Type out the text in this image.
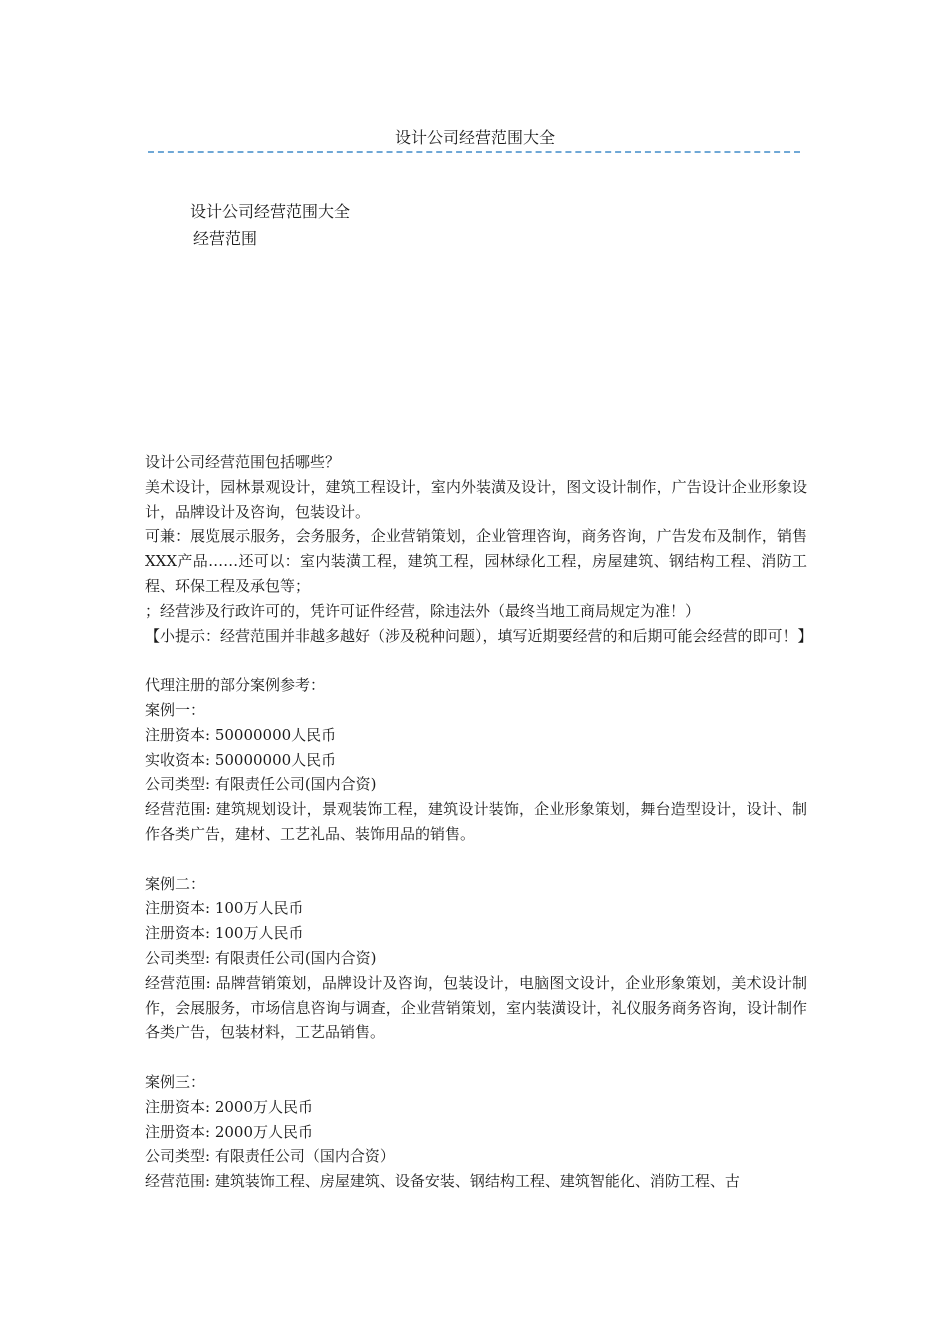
设计公司经营范围大全
设计公司经营范围大全
经营范围

设计公司经营范围包括哪些？

美术设计，园林景观设计，建筑工程设计，室内外装潢及设计，图文设计制作，广告设计企业形象设计，品牌设计及咨询，包装设计。

可兼：展览展示服务，会务服务，企业营销策划，企业管理咨询，商务咨询，广告发布及制作，销售XXX产品……还可以：室内装潢工程，建筑工程，园林绿化工程，房屋建筑、钢结构工程、消防工程、环保工程及承包等；

；经营涉及行政许可的，凭许可证件经营，除违法外（最终当地工商局规定为准！）

【小提示：经营范围并非越多越好（涉及税种问题），填写近期要经营的和后期可能会经营的即可！】

代理注册的部分案例参考：

案例一：

注册资本: 50000000人民币

实收资本: 50000000人民币

公司类型: 有限责任公司(国内合资)

经营范围: 建筑规划设计，景观装饰工程，建筑设计装饰，企业形象策划，舞台造型设计，设计、制作各类广告，建材、工艺礼品、装饰用品的销售。

案例二：

注册资本: 100万人民币

注册资本: 100万人民币

公司类型: 有限责任公司(国内合资)

经营范围: 品牌营销策划，品牌设计及咨询，包装设计，电脑图文设计，企业形象策划，美术设计制作，会展服务，市场信息咨询与调查，企业营销策划，室内装潢设计，礼仪服务商务咨询，设计制作各类广告，包装材料，工艺品销售。

案例三：

注册资本: 2000万人民币

注册资本: 2000万人民币

公司类型: 有限责任公司（国内合资）

经营范围: 建筑装饰工程、房屋建筑、设备安装、钢结构工程、建筑智能化、消防工程、古
